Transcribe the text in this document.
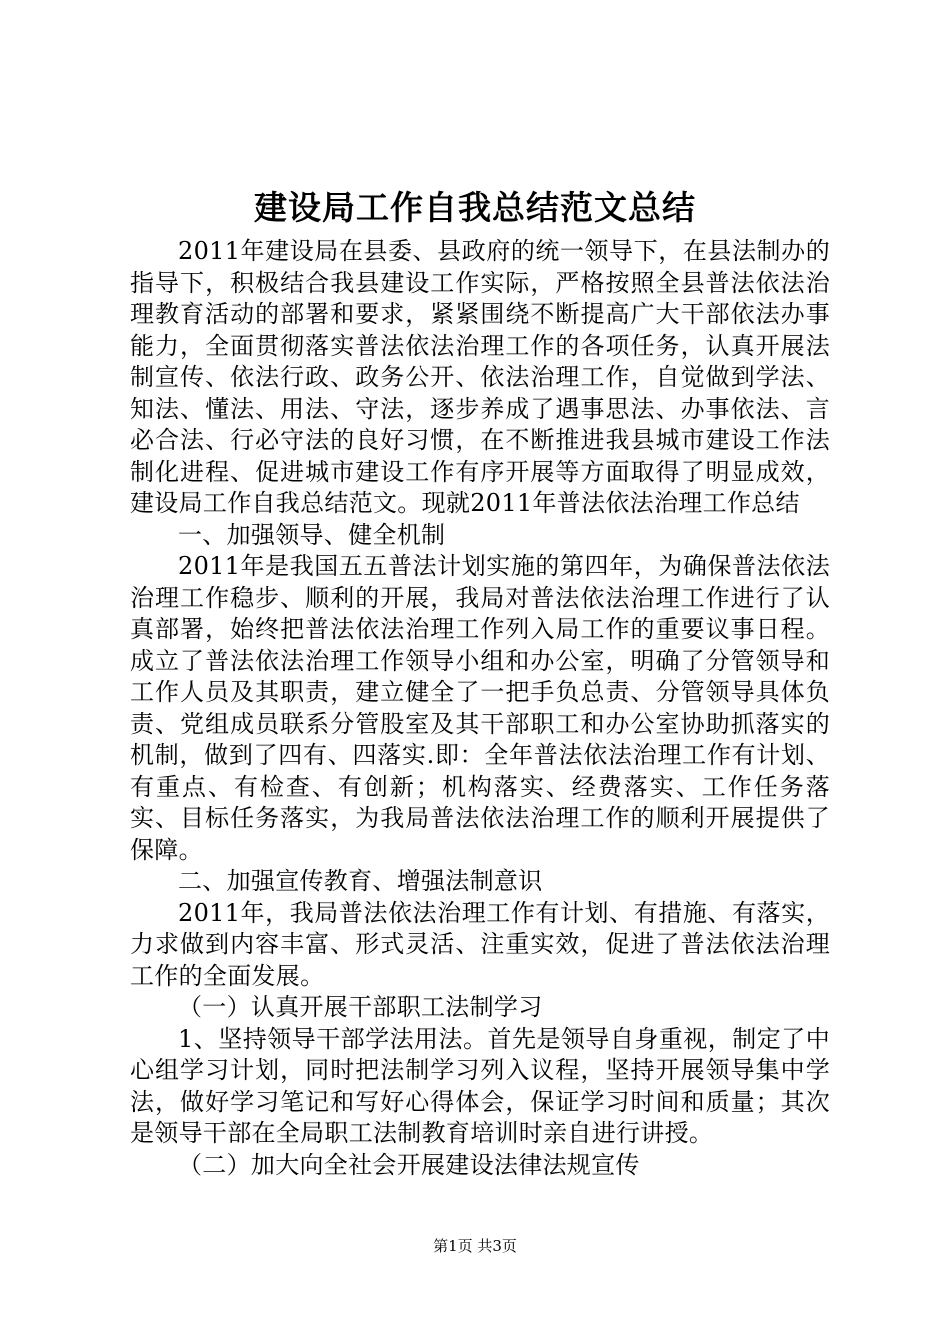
建设局工作自我总结范文总结

2011年建设局在县委、县政府的统一领导下，在县法制办的指导下，积极结合我县建设工作实际，严格按照全县普法依法治理教育活动的部署和要求，紧紧围绕不断提高广大干部依法办事能力，全面贯彻落实普法依法治理工作的各项任务，认真开展法制宣传、依法行政、政务公开、依法治理工作，自觉做到学法、知法、懂法、用法、守法，逐步养成了遇事思法、办事依法、言必合法、行必守法的良好习惯，在不断推进我县城市建设工作法制化进程、促进城市建设工作有序开展等方面取得了明显成效，建设局工作自我总结范文。现就2011年普法依法治理工作总结

一、加强领导、健全机制

2011年是我国五五普法计划实施的第四年，为确保普法依法治理工作稳步、顺利的开展，我局对普法依法治理工作进行了认真部署，始终把普法依法治理工作列入局工作的重要议事日程。成立了普法依法治理工作领导小组和办公室，明确了分管领导和工作人员及其职责，建立健全了一把手负总责、分管领导具体负责、党组成员联系分管股室及其干部职工和办公室协助抓落实的机制，做到了四有、四落实.即：全年普法依法治理工作有计划、有重点、有检查、有创新；机构落实、经费落实、工作任务落实、目标任务落实，为我局普法依法治理工作的顺利开展提供了保障。

二、加强宣传教育、增强法制意识

2011年，我局普法依法治理工作有计划、有措施、有落实，力求做到内容丰富、形式灵活、注重实效，促进了普法依法治理工作的全面发展。

（一）认真开展干部职工法制学习

1、坚持领导干部学法用法。首先是领导自身重视，制定了中心组学习计划，同时把法制学习列入议程，坚持开展领导集中学法，做好学习笔记和写好心得体会，保证学习时间和质量；其次是领导干部在全局职工法制教育培训时亲自进行讲授。

（二）加大向全社会开展建设法律法规宣传

第1页 共3页
